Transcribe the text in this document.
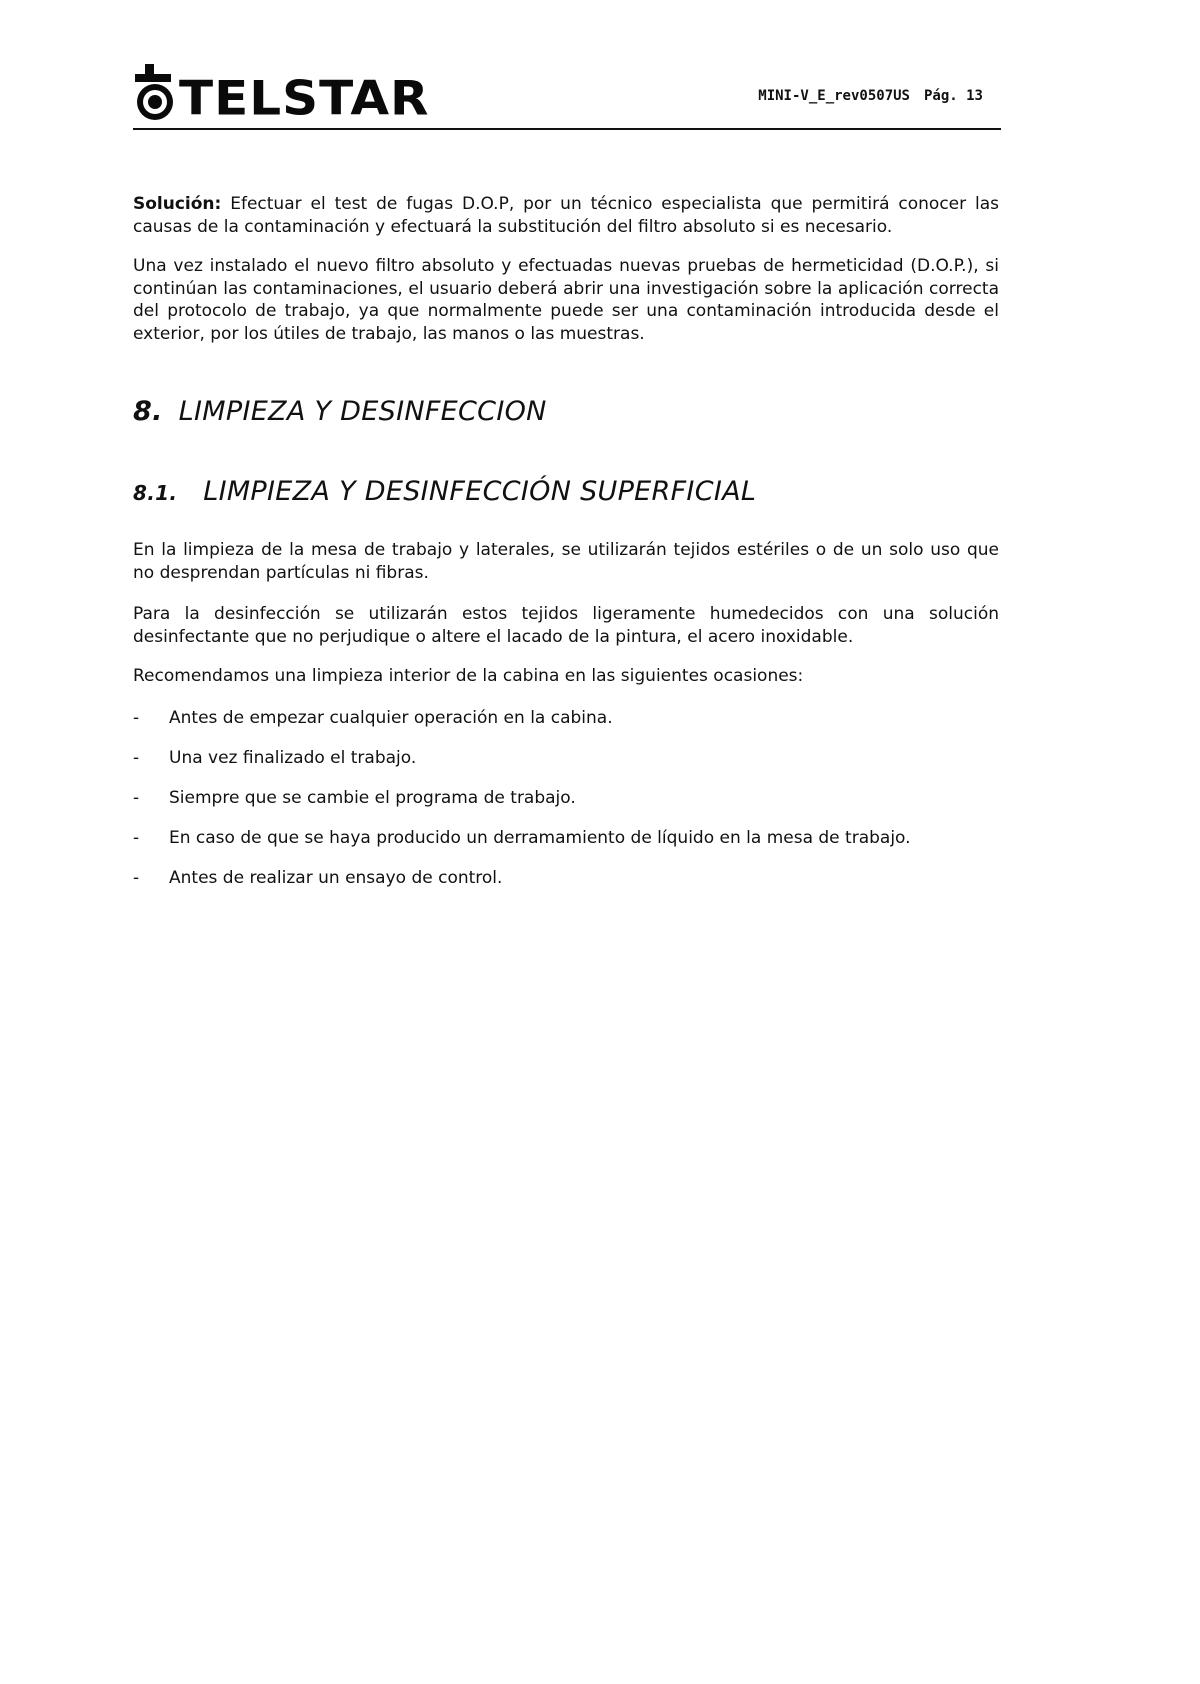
TELSTAR	MINI-V_E_rev0507US Pág. 13

Solución: Efectuar el test de fugas D.O.P, por un técnico especialista que permitirá conocer las causas de la contaminación y efectuará la substitución del filtro absoluto si es necesario.

Una vez instalado el nuevo filtro absoluto y efectuadas nuevas pruebas de hermeticidad (D.O.P.), si continúan las contaminaciones, el usuario deberá abrir una investigación sobre la aplicación correcta del protocolo de trabajo, ya que normalmente puede ser una contaminación introducida desde el exterior, por los útiles de trabajo, las manos o las muestras.

8. LIMPIEZA Y DESINFECCION
8.1. LIMPIEZA Y DESINFECCIÓN SUPERFICIAL

En la limpieza de la mesa de trabajo y laterales, se utilizarán tejidos estériles o de un solo uso que no desprendan partículas ni fibras.

Para la desinfección se utilizarán estos tejidos ligeramente humedecidos con una solución desinfectante que no perjudique o altere el lacado de la pintura, el acero inoxidable.

Recomendamos una limpieza interior de la cabina en las siguientes ocasiones:

- Antes de empezar cualquier operación en la cabina.
- Una vez finalizado el trabajo.
- Siempre que se cambie el programa de trabajo.
- En caso de que se haya producido un derramamiento de líquido en la mesa de trabajo.
- Antes de realizar un ensayo de control.
